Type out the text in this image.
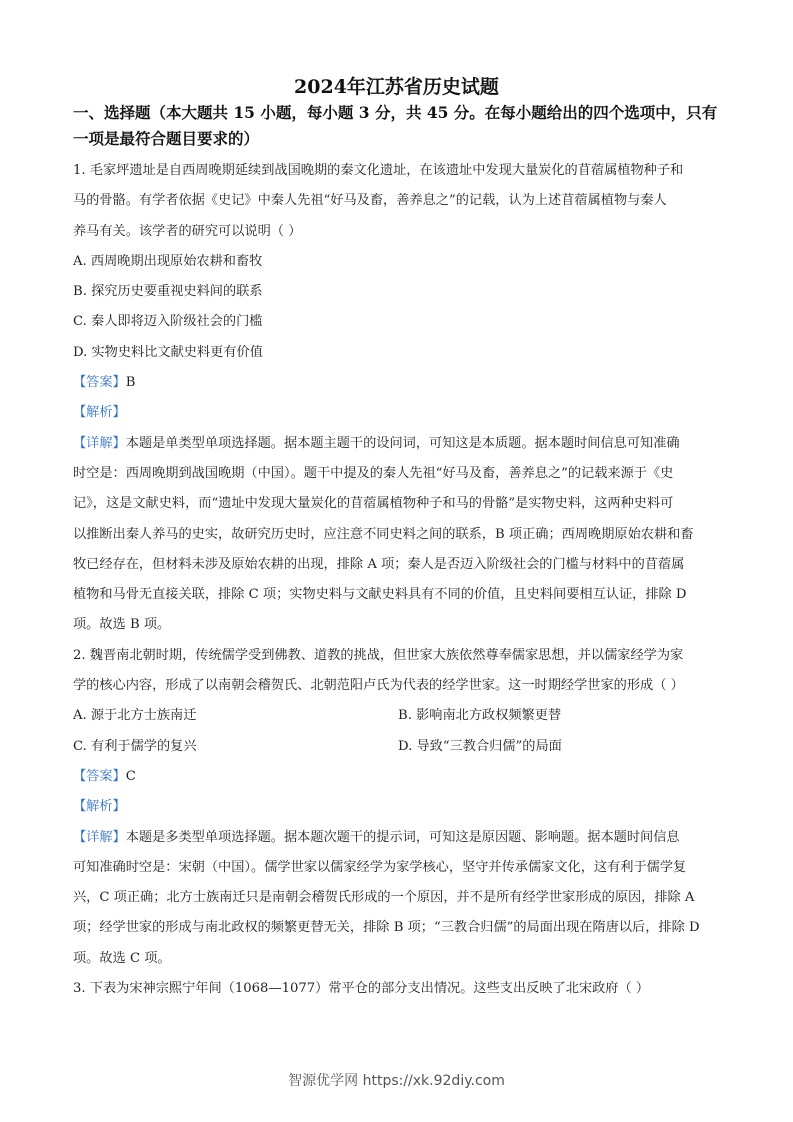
2024年江苏省历史试题
一、选择题（本大题共 15 小题，每小题 3 分，共 45 分。在每小题给出的四个选项中，只有
一项是最符合题目要求的）
1. 毛家坪遗址是自西周晚期延续到战国晚期的秦文化遗址，在该遗址中发现大量炭化的苜蓿属植物种子和
马的骨骼。有学者依据《史记》中秦人先祖“好马及畜，善养息之”的记载，认为上述苜蓿属植物与秦人
养马有关。该学者的研究可以说明（ ）
A. 西周晚期出现原始农耕和畜牧
B. 探究历史要重视史料间的联系
C. 秦人即将迈入阶级社会的门槛
D. 实物史料比文献史料更有价值
【答案】B
【解析】
【详解】本题是单类型单项选择题。据本题主题干的设问词，可知这是本质题。据本题时间信息可知准确
时空是：西周晚期到战国晚期（中国）。题干中提及的秦人先祖“好马及畜，善养息之”的记载来源于《史
记》，这是文献史料，而“遗址中发现大量炭化的苜蓿属植物种子和马的骨骼”是实物史料，这两种史料可
以推断出秦人养马的史实，故研究历史时，应注意不同史料之间的联系，B 项正确；西周晚期原始农耕和畜
牧已经存在，但材料未涉及原始农耕的出现，排除 A 项；秦人是否迈入阶级社会的门槛与材料中的苜蓿属
植物和马骨无直接关联，排除 C 项；实物史料与文献史料具有不同的价值，且史料间要相互认证，排除 D
项。故选 B 项。
2. 魏晋南北朝时期，传统儒学受到佛教、道教的挑战，但世家大族依然尊奉儒家思想，并以儒家经学为家
学的核心内容，形成了以南朝会稽贺氏、北朝范阳卢氏为代表的经学世家。这一时期经学世家的形成（ ）
A. 源于北方士族南迁	B. 影响南北方政权频繁更替
C. 有利于儒学的复兴	D. 导致“三教合归儒”的局面
【答案】C
【解析】
【详解】本题是多类型单项选择题。据本题次题干的提示词，可知这是原因题、影响题。据本题时间信息
可知准确时空是：宋朝（中国）。儒学世家以儒家经学为家学核心，坚守并传承儒家文化，这有利于儒学复
兴，C 项正确；北方士族南迁只是南朝会稽贺氏形成的一个原因，并不是所有经学世家形成的原因，排除 A
项；经学世家的形成与南北政权的频繁更替无关，排除 B 项；“三教合归儒”的局面出现在隋唐以后，排除 D
项。故选 C 项。
3. 下表为宋神宗熙宁年间（1068—1077）常平仓的部分支出情况。这些支出反映了北宋政府（ ）
智源优学网 https://xk.92diy.com
